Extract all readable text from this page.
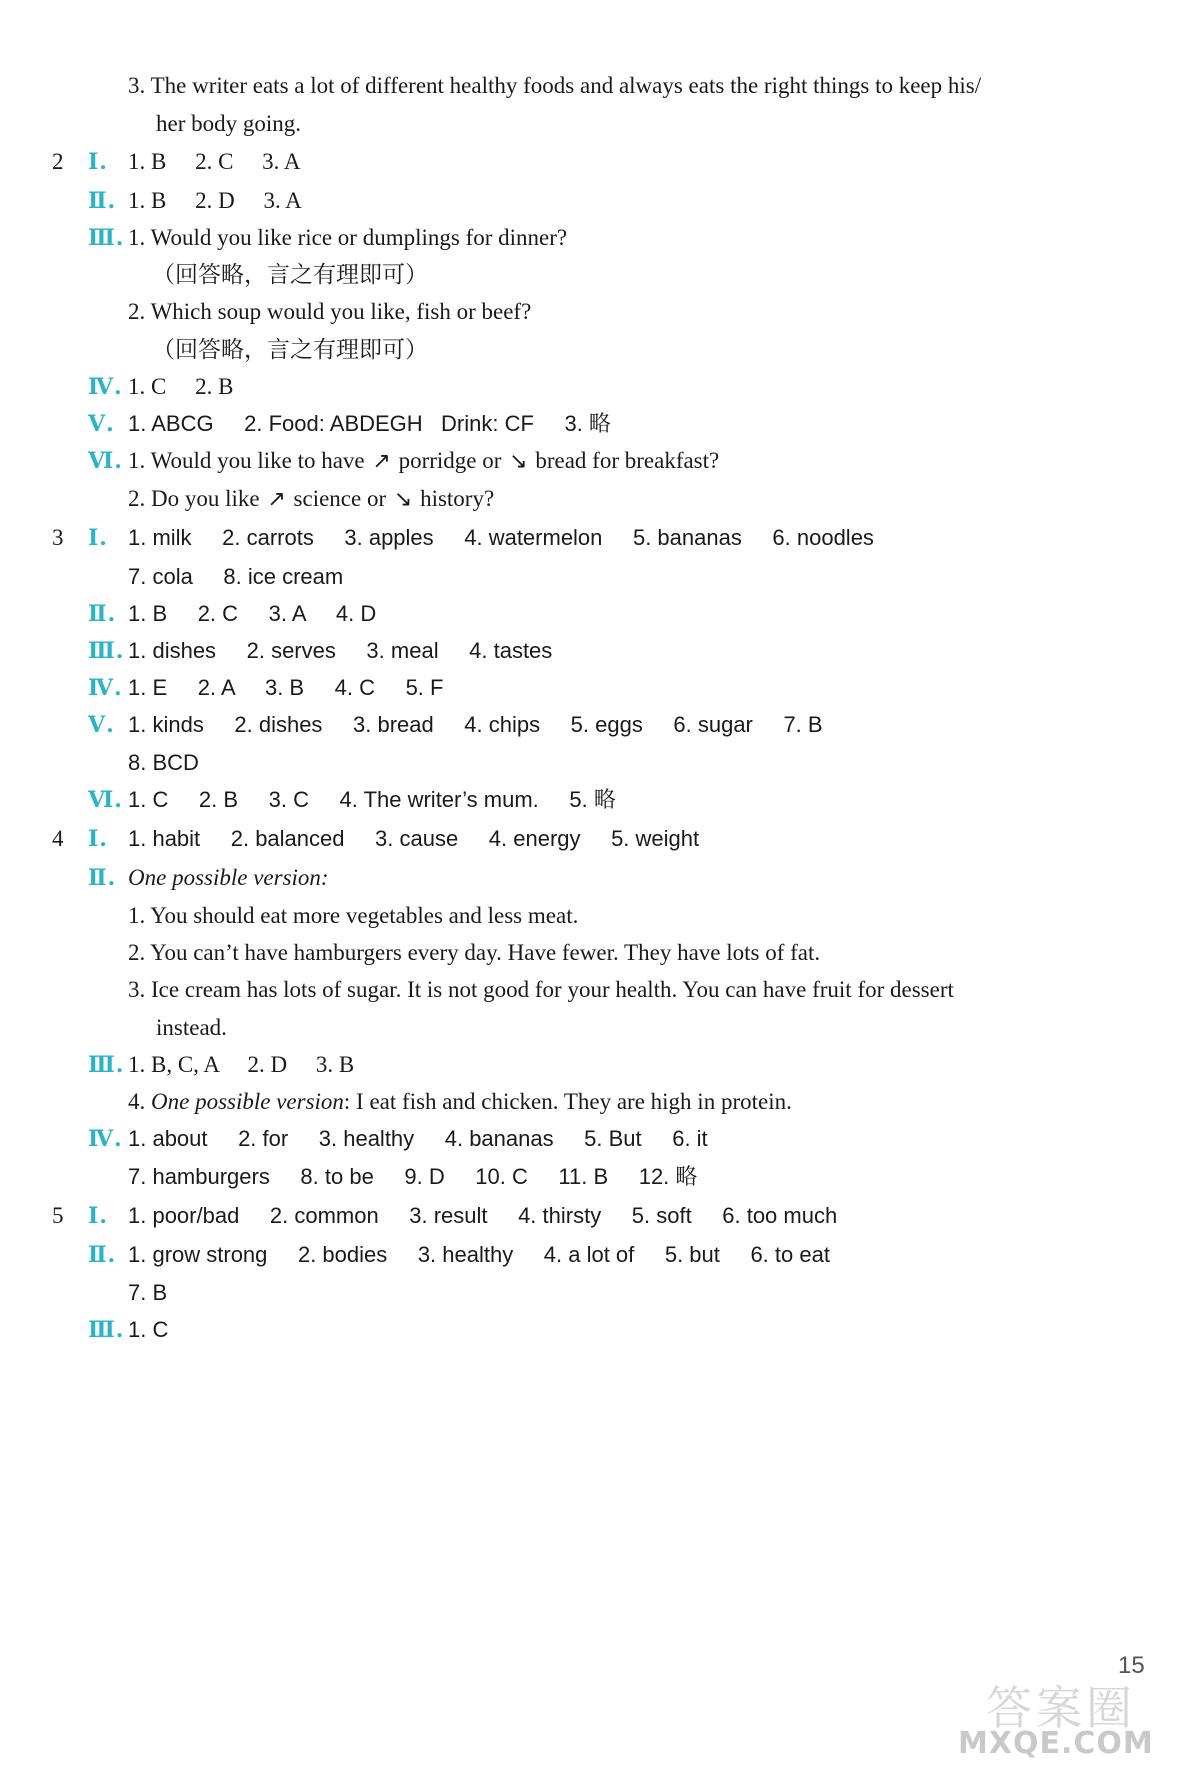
3. The writer eats a lot of different healthy foods and always eats the right things to keep his/
her body going.
2 Ⅰ. 1. B     2. C     3. A
Ⅱ. 1. B     2. D     3. A
Ⅲ. 1. Would you like rice or dumplings for dinner?
（回答略，言之有理即可）
2. Which soup would you like, fish or beef?
（回答略，言之有理即可）
Ⅳ. 1. C     2. B
Ⅴ. 1. ABCG     2. Food: ABDEGH   Drink: CF     3. 略
Ⅵ. 1. Would you like to have ↗ porridge or ↘ bread for breakfast?
2. Do you like ↗ science or ↘ history?
3 Ⅰ. 1. milk     2. carrots     3. apples     4. watermelon     5. bananas     6. noodles
7. cola     8. ice cream
Ⅱ. 1. B     2. C     3. A     4. D
Ⅲ. 1. dishes     2. serves     3. meal     4. tastes
Ⅳ. 1. E     2. A     3. B     4. C     5. F
Ⅴ. 1. kinds     2. dishes     3. bread     4. chips     5. eggs     6. sugar     7. B
8. BCD
Ⅵ. 1. C     2. B     3. C     4. The writer’s mum.     5. 略
4 Ⅰ. 1. habit     2. balanced     3. cause     4. energy     5. weight
Ⅱ. One possible version:
1. You should eat more vegetables and less meat.
2. You can’t have hamburgers every day. Have fewer. They have lots of fat.
3. Ice cream has lots of sugar. It is not good for your health. You can have fruit for dessert
instead.
Ⅲ. 1. B, C, A     2. D     3. B
4. One possible version: I eat fish and chicken. They are high in protein.
Ⅳ. 1. about     2. for     3. healthy     4. bananas     5. But     6. it
7. hamburgers     8. to be     9. D     10. C     11. B     12. 略
5 Ⅰ. 1. poor/bad     2. common     3. result     4. thirsty     5. soft     6. too much
Ⅱ. 1. grow strong     2. bodies     3. healthy     4. a lot of     5. but     6. to eat
7. B
Ⅲ. 1. C
15
答案圈
MXQE.COM
